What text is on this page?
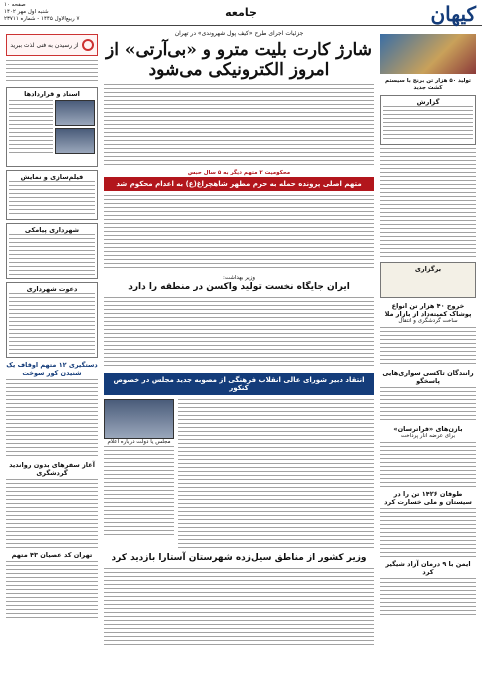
کیهان
جامعه
صفحه ۱۰
شنبه اول مهر ۱۴۰۲
۷ ربیع‌الاول ۱۴۴۵ - شماره ۲۳۷۱۱
از رسیدن به فنی لذت ببرید
جزئیات اجرای طرح «کیف پول شهروندی» در تهران
شارژ کارت بلیت مترو و «بی‌آرتی» از امروز الکترونیکی می‌شود
تولید ۵۰ هزار تن برنج با سیستم کشت جدید
گزارش
برگزاری
خروج ۴۰ هزار تن انواع پوشاک کمیته‌داد از بازار ملا
ساخت گردشگری و انتقال
رانندگان تاکسی سواری‌هایی پاسخگو
بازن‌های «فراترسان»
برای عرضه انار پرداخت
طوفان ۱۴۲۶ تن را در سیستان و ملی خسارت کرد
ایمن با ۹ درمان آزاد شیگیر کرد
اسناد و قراردادها
فیلم‌سازی و نمایش
شهرداری پیامکی
دعوت شهرداری
دستگیری ۱۲ متهم اوقاف یک شنیدن کور سوخت
آغاز سفرهای بدون رواندید گردشگری
تهران کد عصیان ۴۳ متهم
محکومیت ۲ متهم دیگر به ۵ سال حبس
متهم اصلی پرونده حمله به حرم مطهر شاهچراغ(ع) به اعدام محکوم شد
وزیر بهداشت:
ایران جایگاه نخست تولید واکسن در منطقه را دارد
انتقاد دبیر شورای عالی انقلاب فرهنگی از مصوبه جدید مجلس در خصوص کنکور
مجلس یا دولت درباره اعلام
وزیر کشور از مناطق سیل‌زده شهرستان آستارا بازدید کرد
